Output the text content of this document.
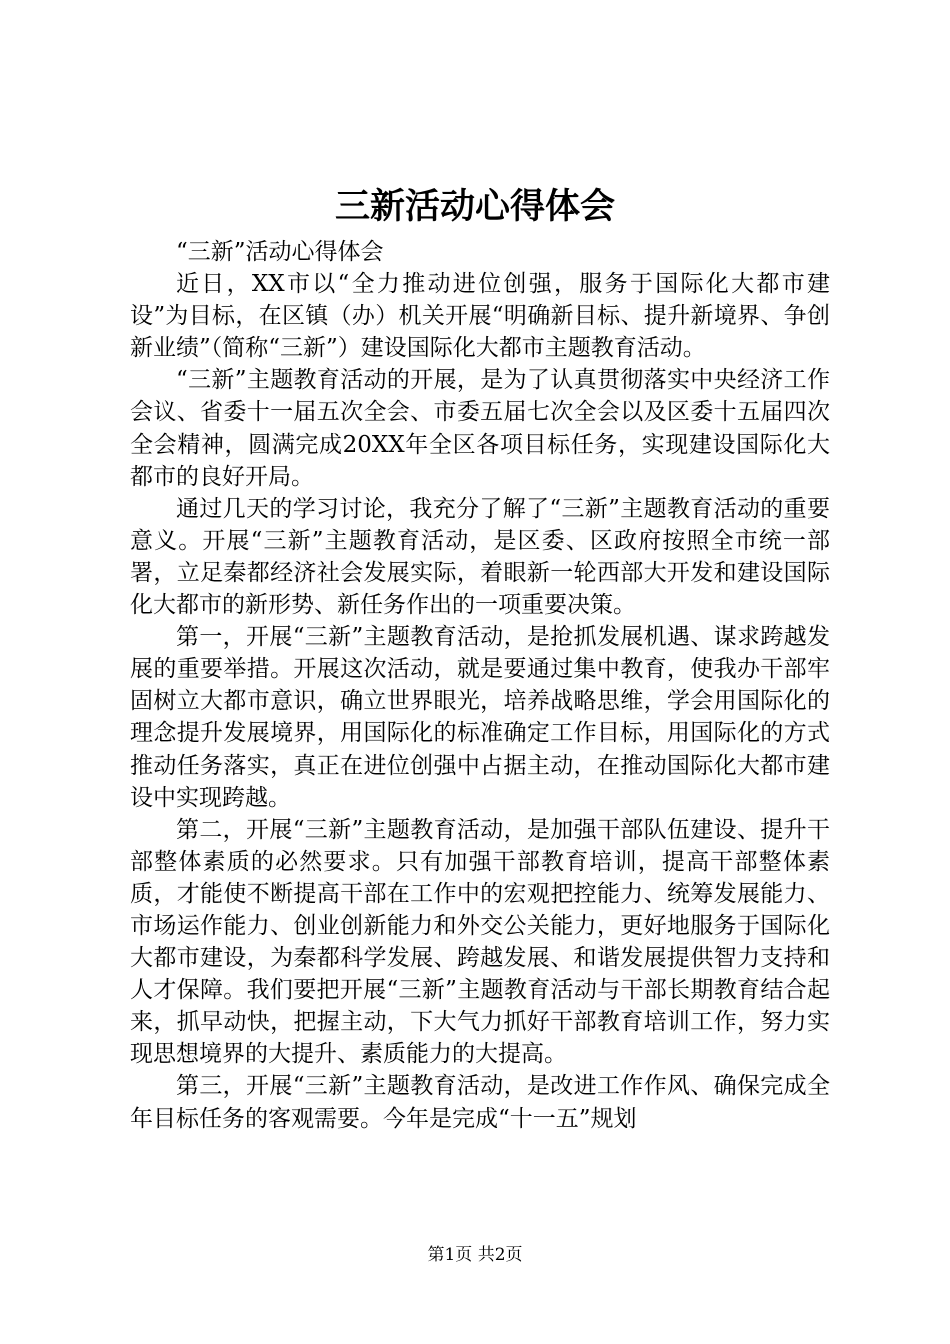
三新活动心得体会

“三新”活动心得体会

近日，XX市以“全力推动进位创强，服务于国际化大都市建设”为目标，在区镇（办）机关开展“明确新目标、提升新境界、争创新业绩”（简称“三新”）建设国际化大都市主题教育活动。

“三新”主题教育活动的开展，是为了认真贯彻落实中央经济工作会议、省委十一届五次全会、市委五届七次全会以及区委十五届四次全会精神，圆满完成20XX年全区各项目标任务，实现建设国际化大都市的良好开局。

通过几天的学习讨论，我充分了解了“三新”主题教育活动的重要意义。开展“三新”主题教育活动，是区委、区政府按照全市统一部署，立足秦都经济社会发展实际，着眼新一轮西部大开发和建设国际化大都市的新形势、新任务作出的一项重要决策。

第一，开展“三新”主题教育活动，是抢抓发展机遇、谋求跨越发展的重要举措。开展这次活动，就是要通过集中教育，使我办干部牢固树立大都市意识，确立世界眼光，培养战略思维，学会用国际化的理念提升发展境界，用国际化的标准确定工作目标，用国际化的方式推动任务落实，真正在进位创强中占据主动，在推动国际化大都市建设中实现跨越。

第二，开展“三新”主题教育活动，是加强干部队伍建设、提升干部整体素质的必然要求。只有加强干部教育培训，提高干部整体素质，才能使不断提高干部在工作中的宏观把控能力、统筹发展能力、市场运作能力、创业创新能力和外交公关能力，更好地服务于国际化大都市建设，为秦都科学发展、跨越发展、和谐发展提供智力支持和人才保障。我们要把开展“三新”主题教育活动与干部长期教育结合起来，抓早动快，把握主动，下大气力抓好干部教育培训工作，努力实现思想境界的大提升、素质能力的大提高。

第三，开展“三新”主题教育活动，是改进工作作风、确保完成全年目标任务的客观需要。今年是完成“十一五”规划

第1页 共2页
